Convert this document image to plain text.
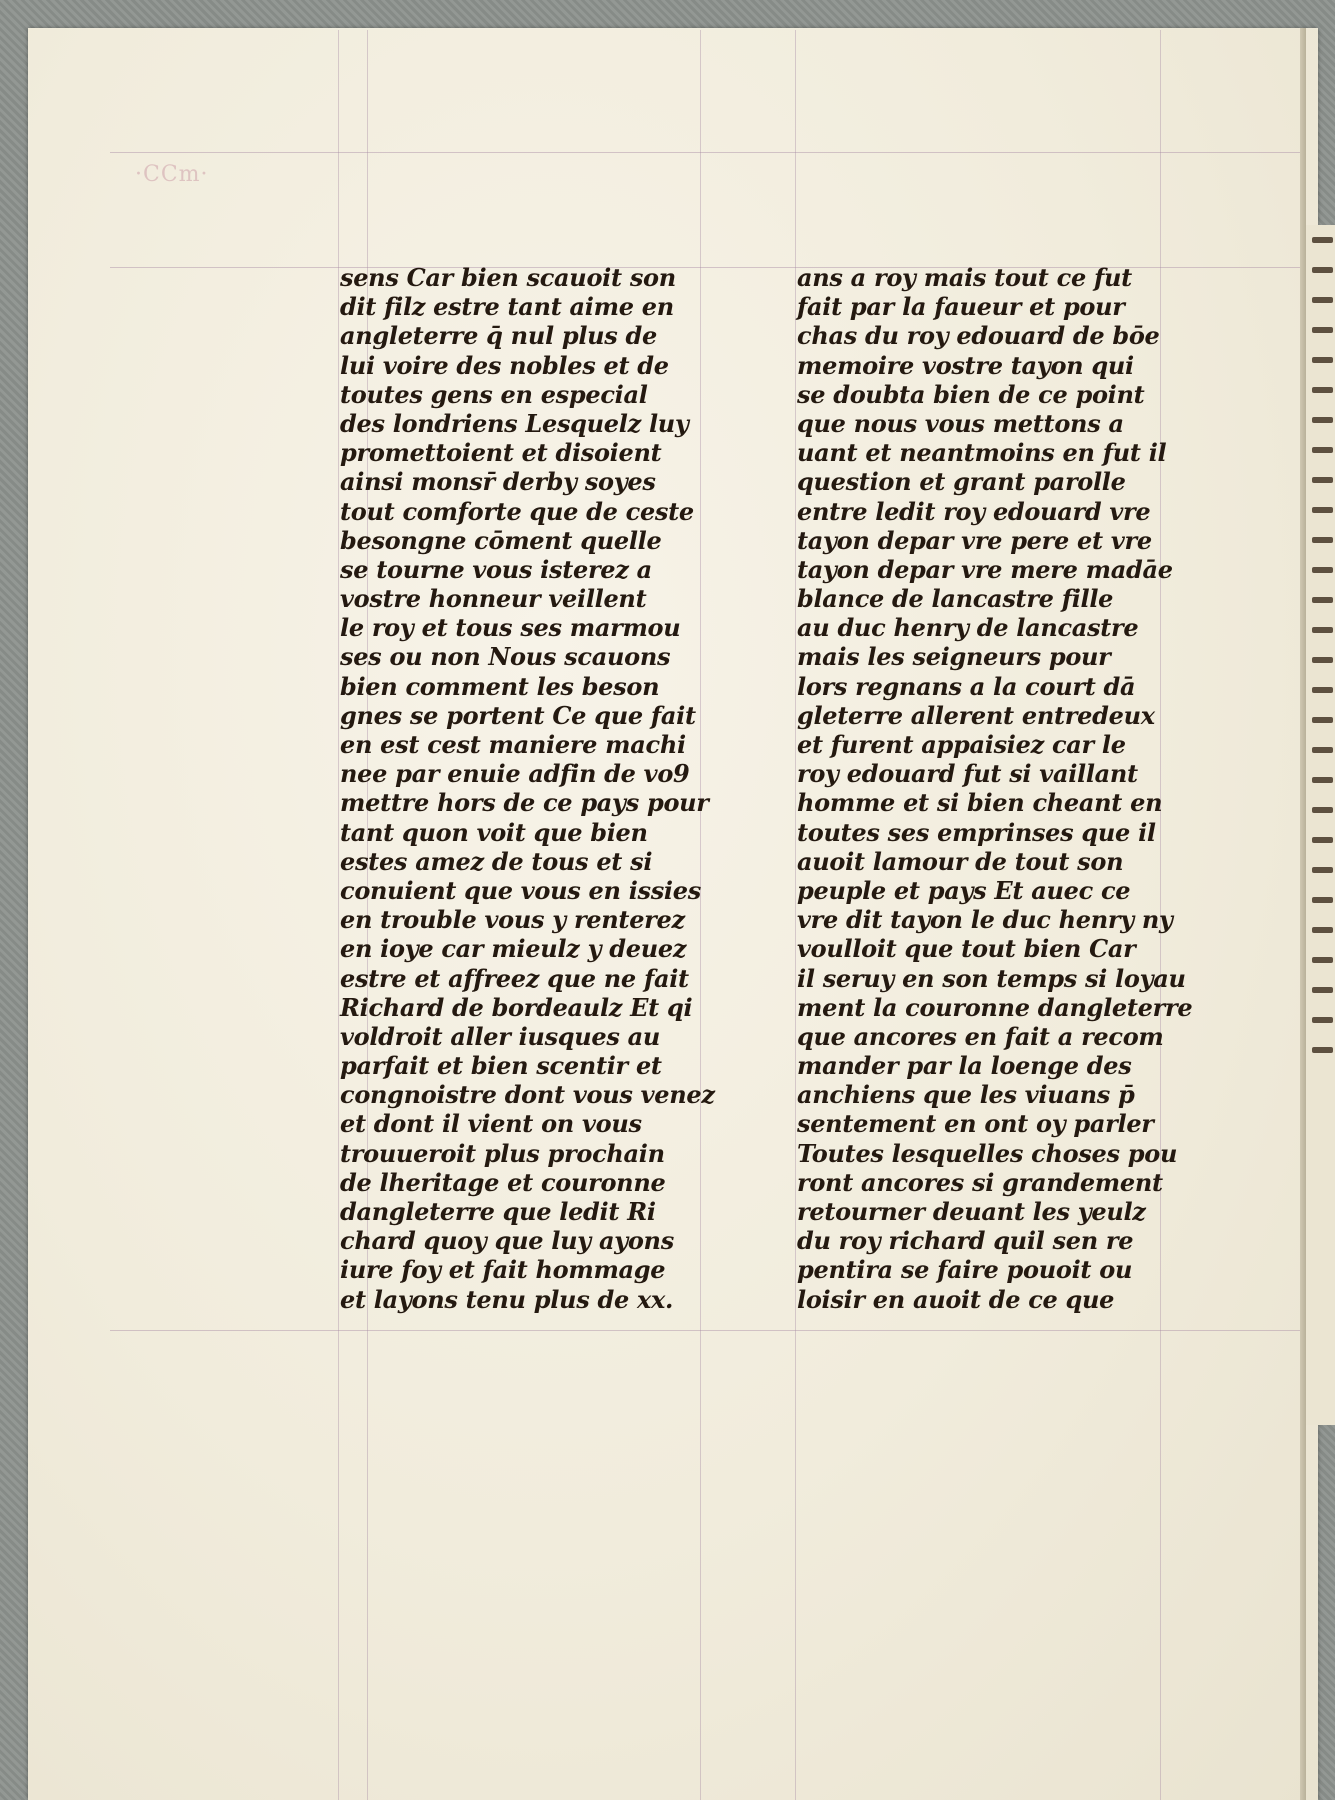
·CCm·
sens Car bien scauoit son
dit filz estre tant aime en
angleterre q̄ nul plus de
lui voire des nobles et de
toutes gens en especial
des londriens Lesquelz luy
promettoient et disoient
ainsi monsr̄ derby soyes
tout comforte que de ceste
besongne cōment quelle
se tourne vous isterez a
vostre honneur veillent
le roy et tous ses marmou
ses ou non Nous scauons
bien comment les beson
gnes se portent Ce que fait
en est cest maniere machi
nee par enuie adfin de vo9
mettre hors de ce pays pour
tant quon voit que bien
estes amez de tous et si
conuient que vous en issies
en trouble vous y renterez
en ioye car mieulz y deuez
estre et affreez que ne fait
Richard de bordeaulz Et qi
voldroit aller iusques au
parfait et bien scentir et
congnoistre dont vous venez
et dont il vient on vous
trouueroit plus prochain
de lheritage et couronne
dangleterre que ledit Ri
chard quoy que luy ayons
iure foy et fait hommage
et layons tenu plus de xx.
ans a roy mais tout ce fut
fait par la faueur et pour
chas du roy edouard de bōe
memoire vostre tayon qui
se doubta bien de ce point
que nous vous mettons a
uant et neantmoins en fut il
question et grant parolle
entre ledit roy edouard vre
tayon depar vre pere et vre
tayon depar vre mere madāe
blance de lancastre fille
au duc henry de lancastre
mais les seigneurs pour
lors regnans a la court dā
gleterre allerent entredeux
et furent appaisiez car le
roy edouard fut si vaillant
homme et si bien cheant en
toutes ses emprinses que il
auoit lamour de tout son
peuple et pays Et auec ce
vre dit tayon le duc henry ny
voulloit que tout bien Car
il seruy en son temps si loyau
ment la couronne dangleterre
que ancores en fait a recom
mander par la loenge des
anchiens que les viuans p̄
sentement en ont oy parler
Toutes lesquelles choses pou
ront ancores si grandement
retourner deuant les yeulz
du roy richard quil sen re
pentira se faire pouoit ou
loisir en auoit de ce que
